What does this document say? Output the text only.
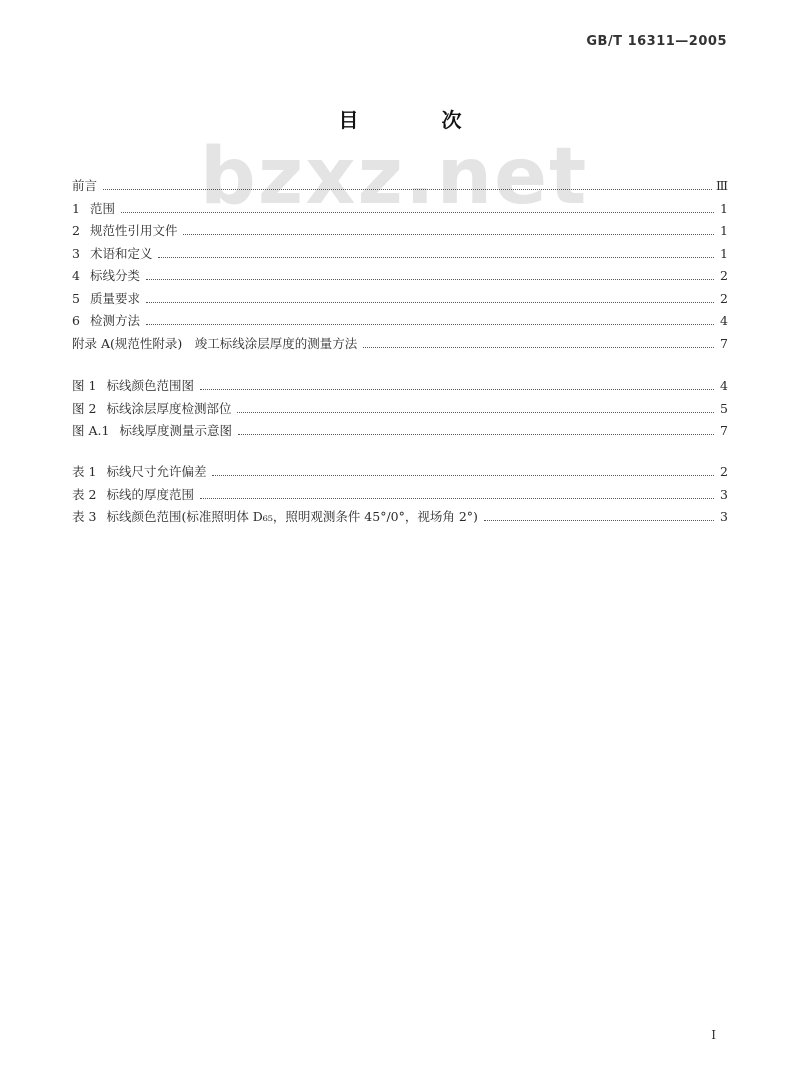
GB/T 16311—2005
bzxz.net
目 次
前言	Ⅲ
1 范围	1
2 规范性引用文件	1
3 术语和定义	1
4 标线分类	2
5 质量要求	2
6 检测方法	4
附录 A(规范性附录)　竣工标线涂层厚度的测量方法	7
图 1 标线颜色范围图	4
图 2 标线涂层厚度检测部位	5
图 A.1 标线厚度测量示意图	7
表 1 标线尺寸允许偏差	2
表 2 标线的厚度范围	3
表 3 标线颜色范围(标准照明体 D₆₅，照明观测条件 45°/0°，视场角 2°)	3
Ⅰ
